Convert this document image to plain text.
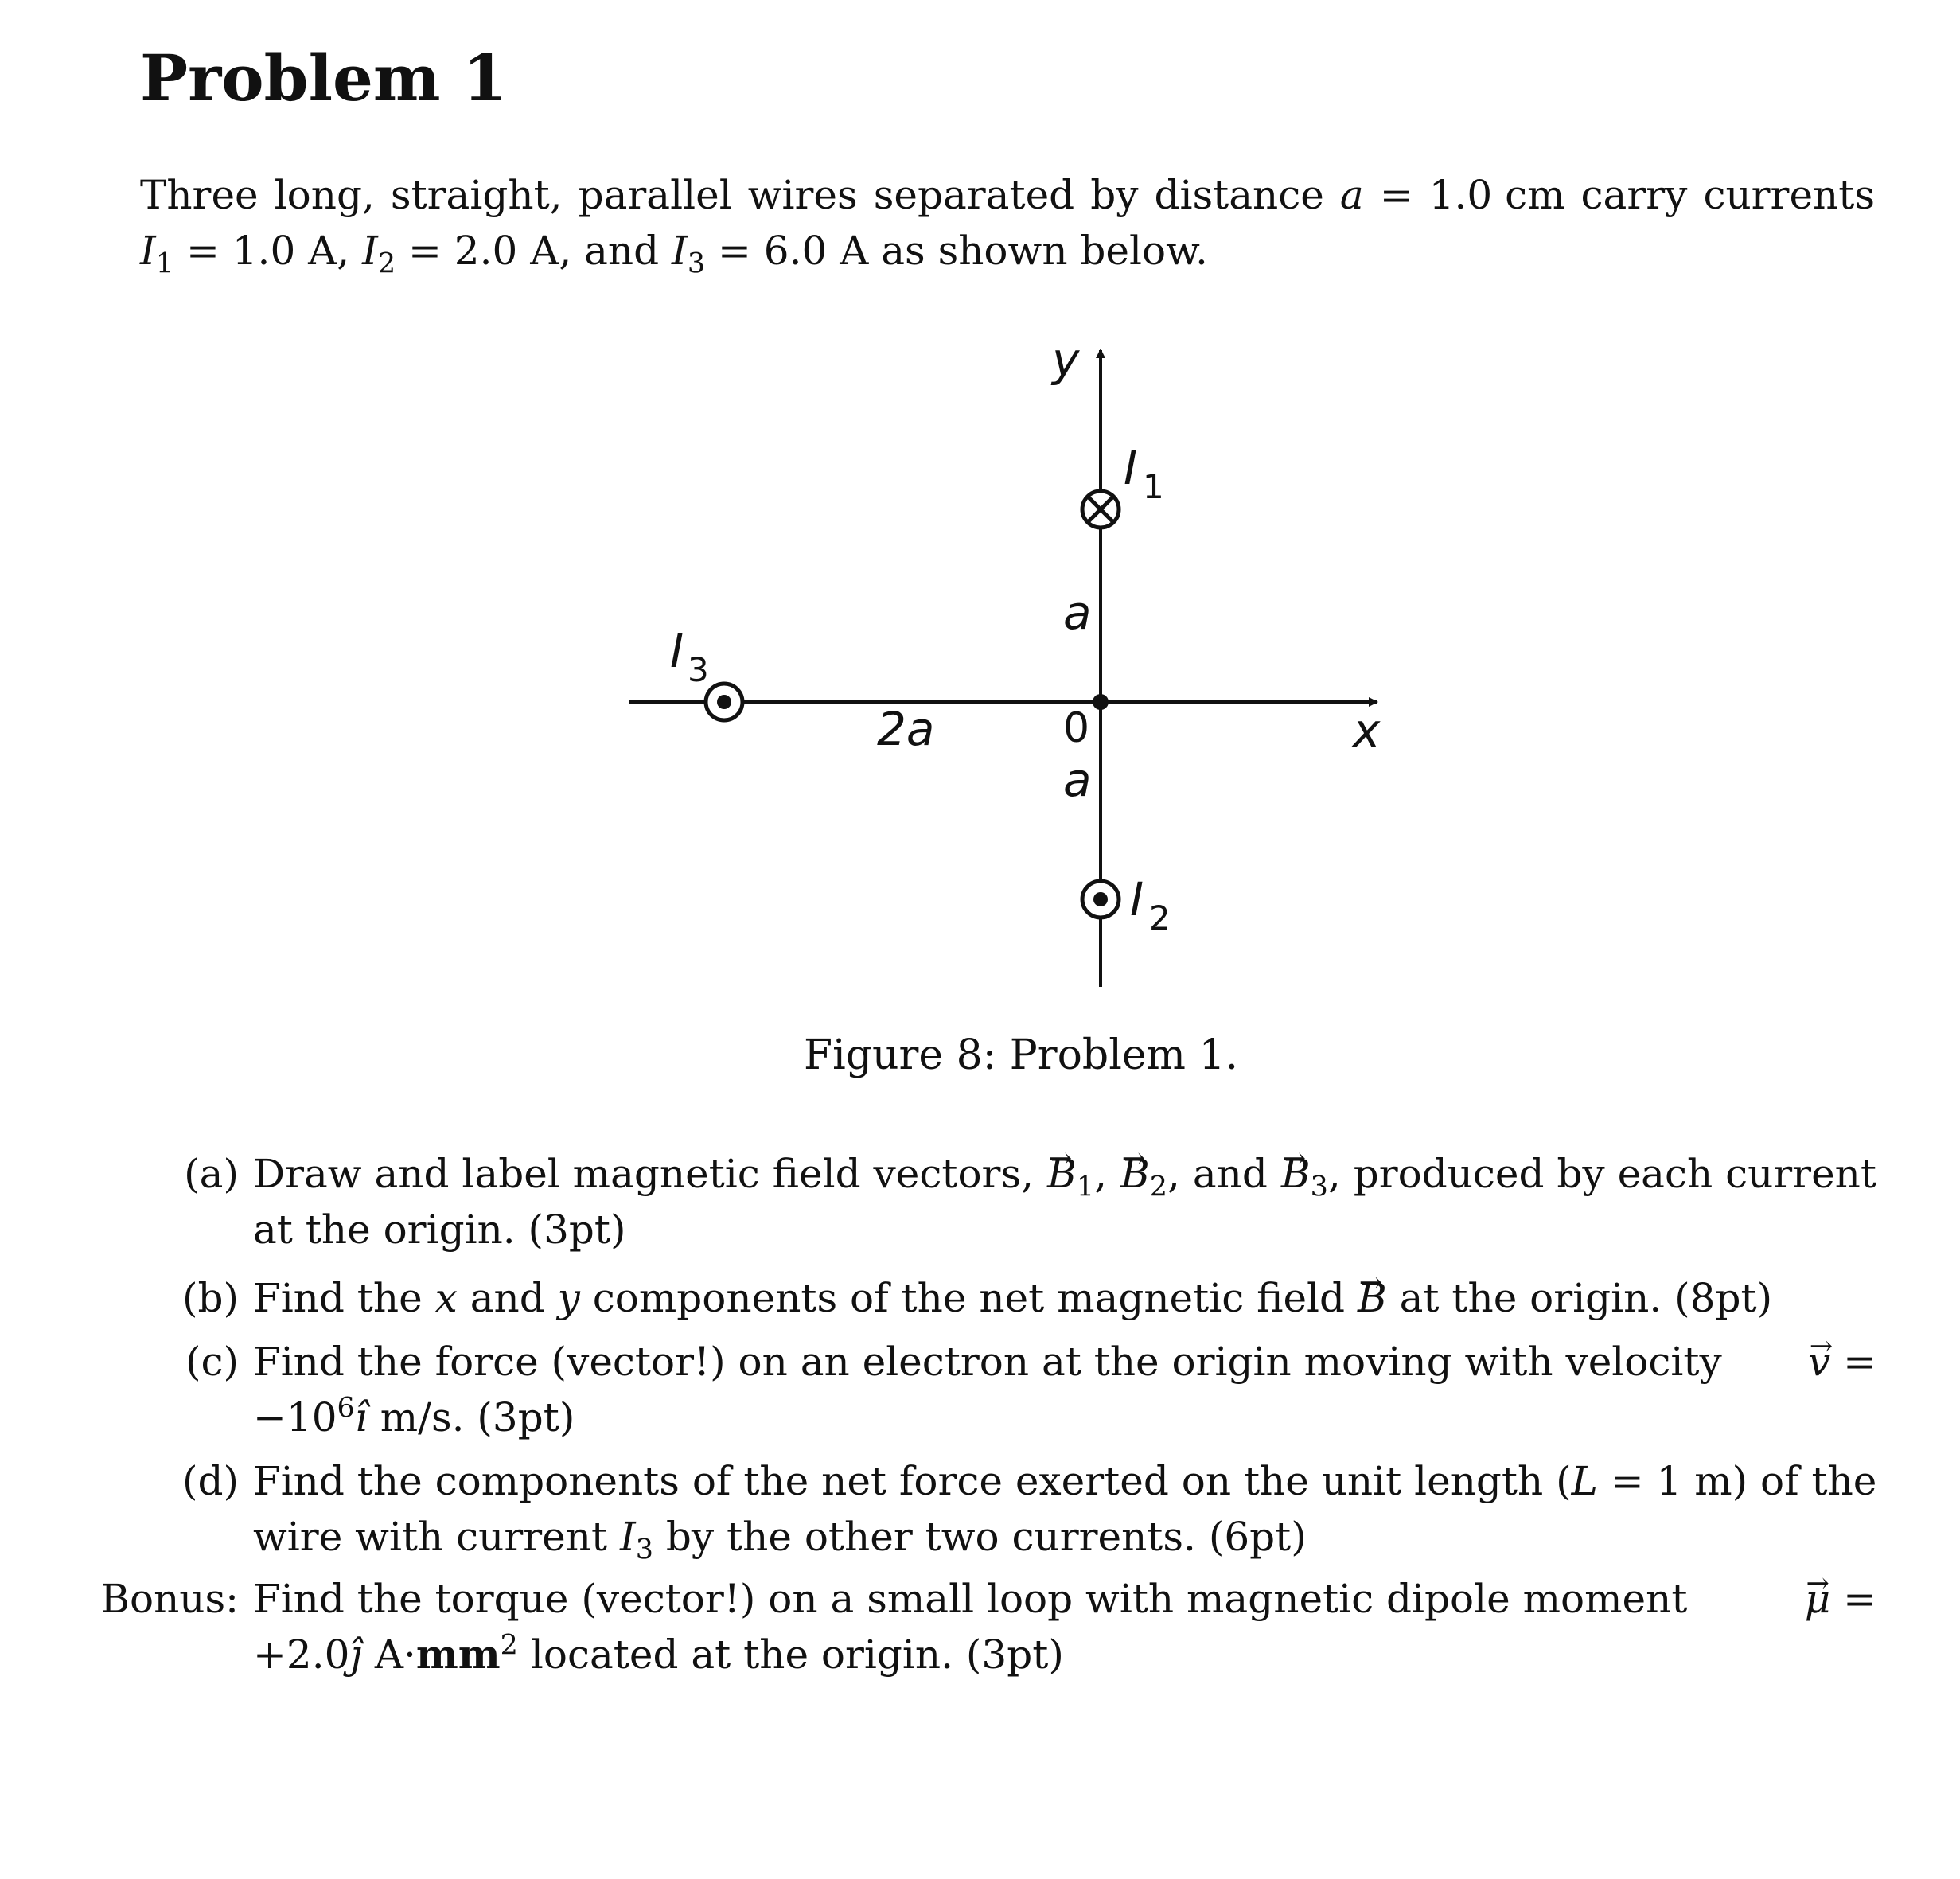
Problem 1
Three long, straight, parallel wires separated by distance a = 1.0 cm carry currents
$I_1 = 1.0$ A, $I_2 = 2.0$ A, and $I_3 = 6.0$ A as shown below.
y
x
0
a
a
2a
I 1
I 2
I 3
Figure 8: Problem 1.
(a) Draw and label magnetic field vectors, → $B_1$, → $B_2$, and → $B_3$, produced by each current
at the origin. (3pt)
(b) Find the x and y components of the net magnetic field → B at the origin. (8pt)
(c) Find the force (vector!) on an electron at the origin moving with velocity → v =
$-10^6î$ m/s. (3pt)
(d) Find the components of the net force exerted on the unit length (L = 1 m) of the
wire with current $I_3$ by the other two currents. (6pt)
Bonus: Find the torque (vector!) on a small loop with magnetic dipole moment	→ μ =
+2.0ĵ $A\cdot mm^2$ located at the origin. (3pt)
